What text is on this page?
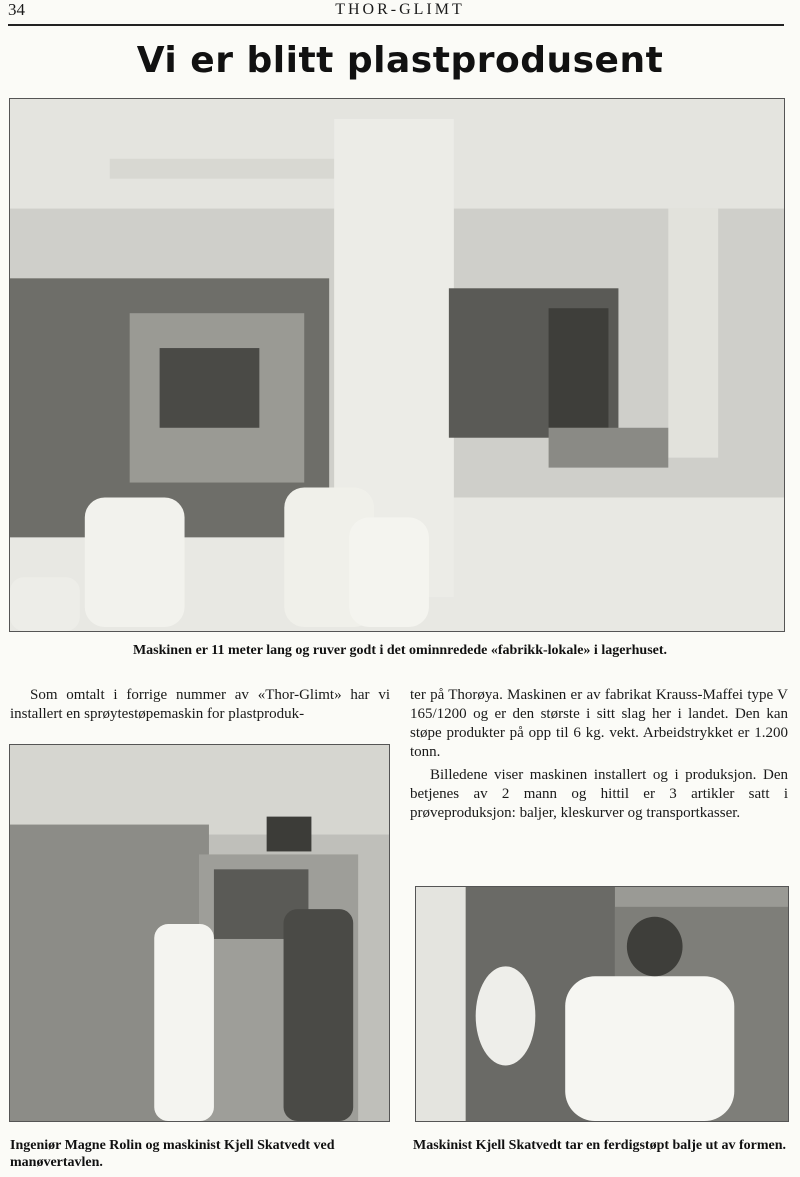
34	THOR-GLIMT
Vi er blitt plastprodusent
Maskinen er 11 meter lang og ruver godt i det ominnredede «fabrikk-lokale» i lagerhuset.
Som omtalt i forrige nummer av «Thor-Glimt» har vi installert en sprøytestøpemaskin for plastproduk-
ter på Thorøya. Maskinen er av fabrikat Krauss-Maffei type V 165/1200 og er den største i sitt slag her i landet. Den kan støpe produkter på opp til 6 kg. vekt. Arbeidstrykket er 1.200 tonn.
Billedene viser maskinen installert og i produksjon. Den betjenes av 2 mann og hittil er 3 artikler satt i prøveproduksjon: baljer, kleskurver og transportkasser.
Ingeniør Magne Rolin og maskinist Kjell Skatvedt ved manøvertavlen.
Maskinist Kjell Skatvedt tar en ferdigstøpt balje ut av formen.
